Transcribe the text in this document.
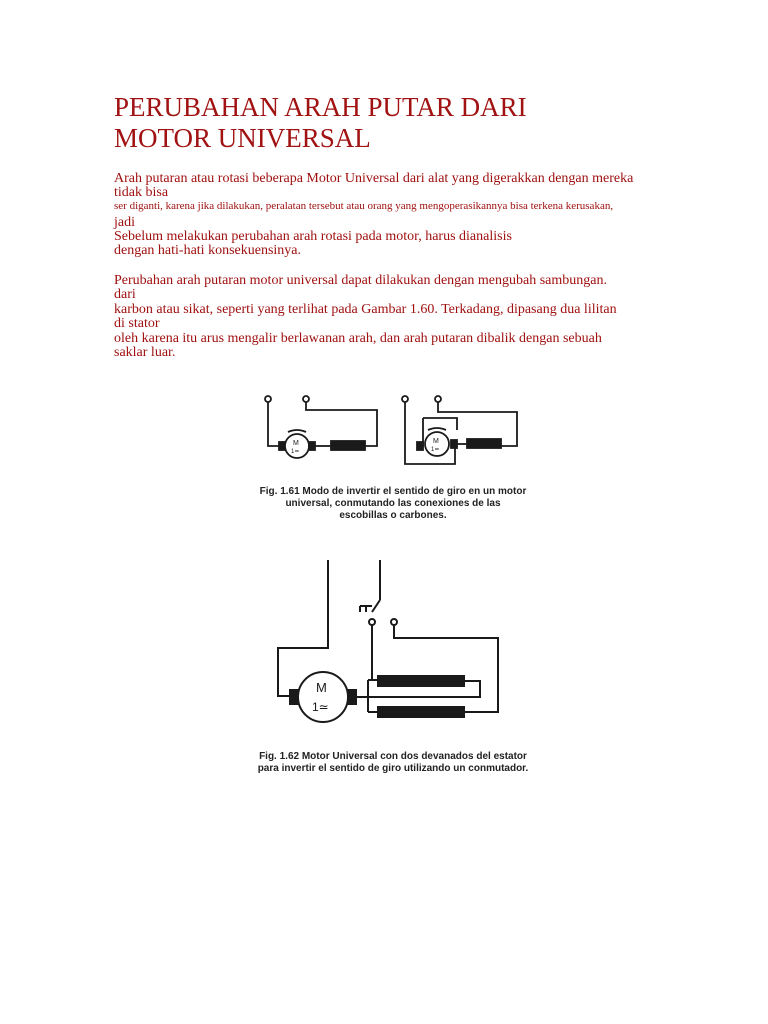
PERUBAHAN ARAH PUTAR DARI
MOTOR UNIVERSAL
Arah putaran atau rotasi beberapa Motor Universal dari alat yang digerakkan dengan mereka
tidak bisa
ser diganti, karena jika dilakukan, peralatan tersebut atau orang yang mengoperasikannya bisa terkena kerusakan,
jadi
Sebelum melakukan perubahan arah rotasi pada motor, harus dianalisis
dengan hati-hati konsekuensinya.
Perubahan arah putaran motor universal dapat dilakukan dengan mengubah sambungan.
dari
karbon atau sikat, seperti yang terlihat pada Gambar 1.60. Terkadang, dipasang dua lilitan
di stator
oleh karena itu arus mengalir berlawanan arah, dan arah putaran dibalik dengan sebuah
saklar luar.
M
1≃
M
1≃
Fig. 1.61 Modo de invertir el sentido de giro en un motor
universal, conmutando las conexiones de las
escobillas o carbones.
M
1≃
Fig. 1.62 Motor Universal con dos devanados del estator
para invertir el sentido de giro utilizando un conmutador.
